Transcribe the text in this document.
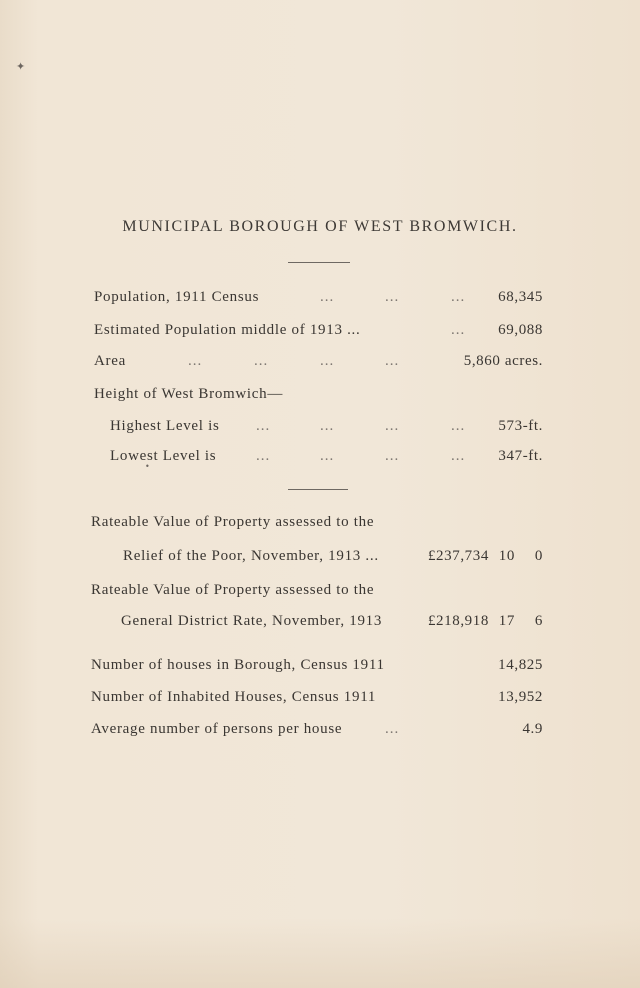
✦
MUNICIPAL BOROUGH OF WEST BROMWICH.
Population, 1911 Census	...	...	... 68,345
Estimated Population middle of 1913 ...	... 69,088
Area	...	...	...	...	5,860 acres.
Height of West Bromwich—
Highest Level is ...	...	...	... 573-ft.
Lowest Level is	...	...	...	... 347-ft.
•
Rateable Value of Property assessed to the
Relief of the Poor, November, 1913 ...	£237,734 10 0
Rateable Value of Property assessed to the
General District Rate, November, 1913	£218,918 17 6
Number of houses in Borough, Census 1911	14,825
Number of Inhabited Houses, Census 1911	13,952
Average number of persons per house	...	4.9
